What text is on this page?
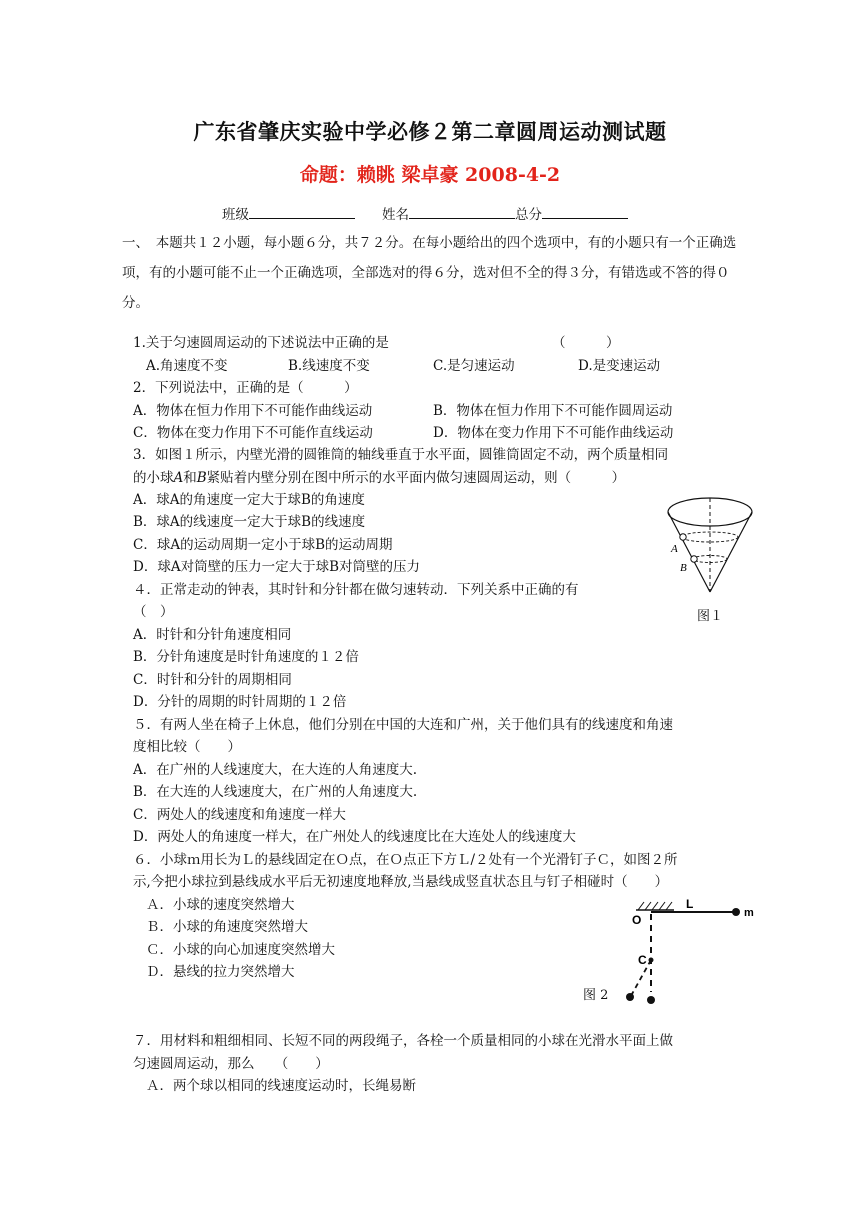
广东省肇庆实验中学必修２第二章圆周运动测试题
命题：赖眺 梁卓豪 2008-4-2
班级	姓名	总分
一、　本题共１２小题，每小题６分，共７２分。在每小题给出的四个选项中，有的小题只有一个正确选项，有的小题可能不止一个正确选项，全部选对的得６分，选对但不全的得３分，有错选或不答的得０分。
1.关于匀速圆周运动的下述说法中正确的是	（　　　）
A.角速度不变	B.线速度不变	C.是匀速运动	D.是变速运动
2．下列说法中，正确的是（　　　）
A．物体在恒力作用下不可能作曲线运动	B．物体在恒力作用下不可能作圆周运动
C．物体在变力作用下不可能作直线运动	D．物体在变力作用下不可能作曲线运动
3．如图１所示，内壁光滑的圆锥筒的轴线垂直于水平面，圆锥筒固定不动，两个质量相同
的小球A和B紧贴着内壁分别在图中所示的水平面内做匀速圆周运动，则（　　　）
A．球A的角速度一定大于球B的角速度
B．球A的线速度一定大于球B的线速度
C．球A的运动周期一定小于球B的运动周期
D．球A对筒壁的压力一定大于球B对筒壁的压力
A
B
图１
４．正常走动的钟表，其时针和分针都在做匀速转动．下列关系中正确的有
（　）
A．时针和分针角速度相同
B．分针角速度是时针角速度的１２倍
C．时针和分针的周期相同
D．分针的周期的时针周期的１２倍
５．有两人坐在椅子上休息，他们分别在中国的大连和广州，关于他们具有的线速度和角速
度相比较（　　）
A．在广州的人线速度大，在大连的人角速度大.
B．在大连的人线速度大，在广州的人角速度大.
C．两处人的线速度和角速度一样大
D．两处人的角速度一样大，在广州处人的线速度比在大连处人的线速度大
６．小球ｍ用长为Ｌ的悬线固定在Ｏ点，在Ｏ点正下方Ｌ/２处有一个光滑钉子Ｃ，如图２所
示,今把小球拉到悬线成水平后无初速度地释放,当悬线成竖直状态且与钉子相碰时（　　）
Ａ．小球的速度突然增大
Ｂ．小球的角速度突然增大
Ｃ．小球的向心加速度突然增大
Ｄ．悬线的拉力突然增大
O
L
m
C
图 2
７．用材料和粗细相同、长短不同的两段绳子，各栓一个质量相同的小球在光滑水平面上做
匀速圆周运动，那么　　（　　）
Ａ．两个球以相同的线速度运动时，长绳易断
